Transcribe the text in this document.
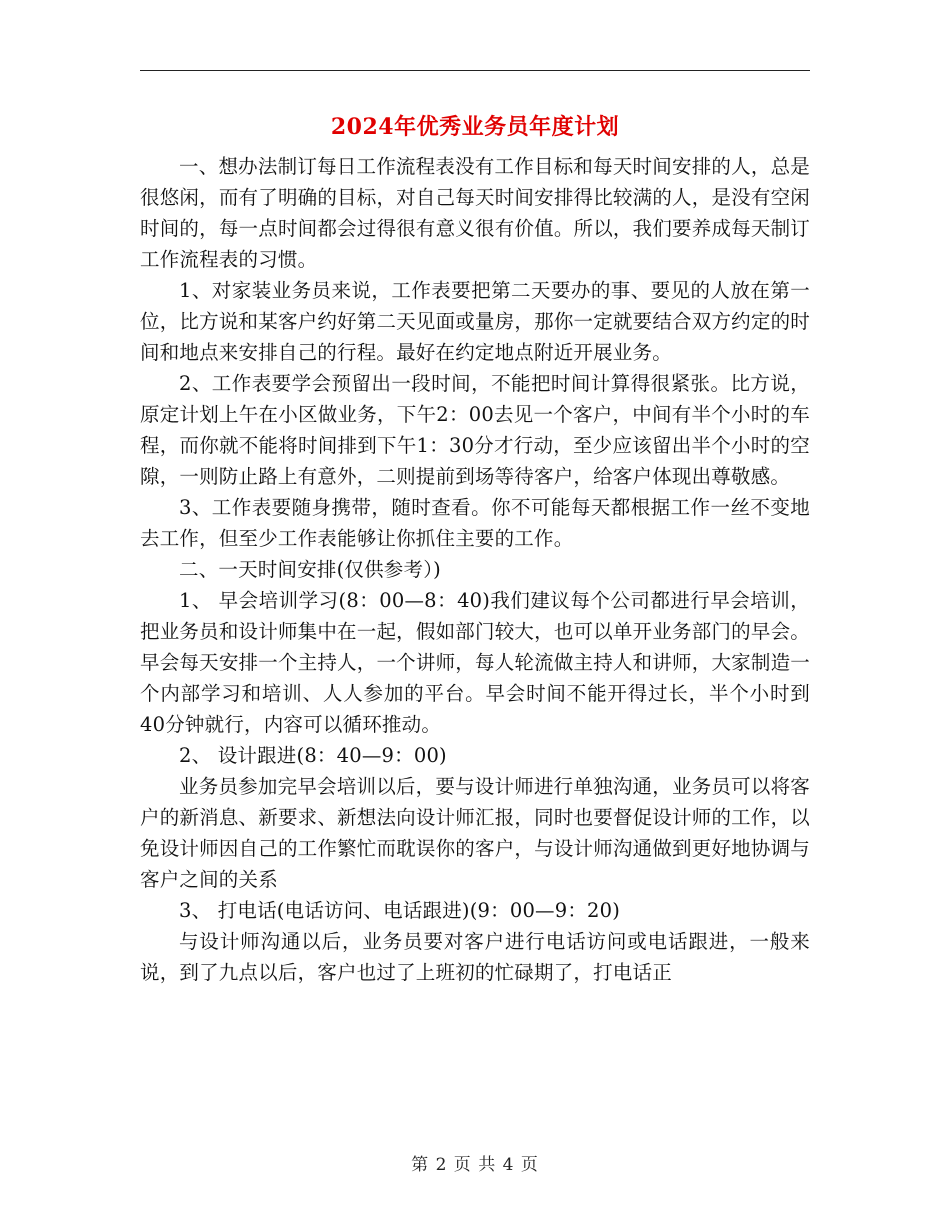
2024年优秀业务员年度计划

一、想办法制订每日工作流程表没有工作目标和每天时间安排的人，总是很悠闲，而有了明确的目标，对自己每天时间安排得比较满的人，是没有空闲时间的，每一点时间都会过得很有意义很有价值。所以，我们要养成每天制订工作流程表的习惯。

1、对家装业务员来说，工作表要把第二天要办的事、要见的人放在第一位，比方说和某客户约好第二天见面或量房，那你一定就要结合双方约定的时间和地点来安排自己的行程。最好在约定地点附近开展业务。

2、工作表要学会预留出一段时间，不能把时间计算得很紧张。比方说，原定计划上午在小区做业务，下午2：00去见一个客户，中间有半个小时的车程，而你就不能将时间排到下午1：30分才行动，至少应该留出半个小时的空隙，一则防止路上有意外，二则提前到场等待客户，给客户体现出尊敬感。

3、工作表要随身携带，随时查看。你不可能每天都根据工作一丝不变地去工作，但至少工作表能够让你抓住主要的工作。

二、一天时间安排(仅供参考）)

1、 早会培训学习(8：00—8：40)我们建议每个公司都进行早会培训，把业务员和设计师集中在一起，假如部门较大，也可以单开业务部门的早会。早会每天安排一个主持人，一个讲师，每人轮流做主持人和讲师，大家制造一个内部学习和培训、人人参加的平台。早会时间不能开得过长，半个小时到40分钟就行，内容可以循环推动。

2、 设计跟进(8：40—9：00)

业务员参加完早会培训以后，要与设计师进行单独沟通，业务员可以将客户的新消息、新要求、新想法向设计师汇报，同时也要督促设计师的工作，以免设计师因自己的工作繁忙而耽误你的客户，与设计师沟通做到更好地协调与客户之间的关系

3、 打电话(电话访问、电话跟进)(9：00—9：20)

与设计师沟通以后，业务员要对客户进行电话访问或电话跟进，一般来说，到了九点以后，客户也过了上班初的忙碌期了，打电话正

第 2 页 共 4 页
